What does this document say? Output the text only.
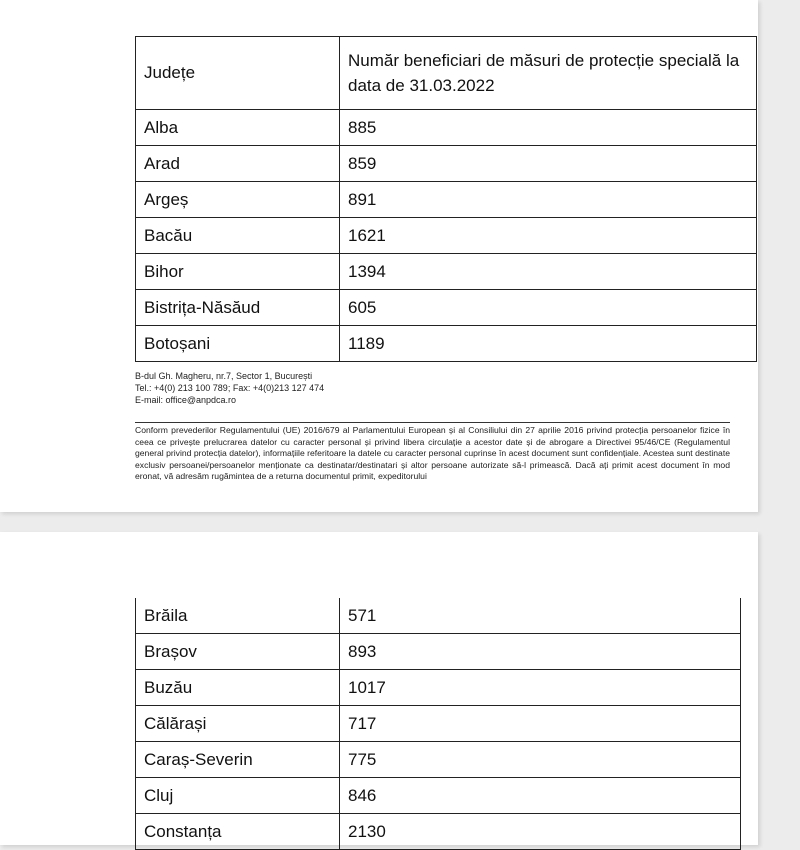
Județe	Număr beneficiari de măsuri de protecție specială la data de 31.03.2022
Alba	885
Arad	859
Argeș	891
Bacău	1621
Bihor	1394
Bistrița-Năsăud	605
Botoșani	1189
B-dul Gh. Magheru, nr.7, Sector 1, București
Tel.: +4(0) 213 100 789; Fax: +4(0)213 127 474
E-mail: office@anpdca.ro
Conform prevederilor Regulamentului (UE) 2016/679 al Parlamentului European și al Consiliului din 27 aprilie 2016 privind protecția persoanelor fizice în ceea ce privește prelucrarea datelor cu caracter personal și privind libera circulație a acestor date și de abrogare a Directivei 95/46/CE (Regulamentul general privind protecția datelor), informațiile referitoare la datele cu caracter personal cuprinse în acest document sunt confidențiale. Acestea sunt destinate exclusiv persoanei/persoanelor menționate ca destinatar/destinatari și altor persoane autorizate să-l primească. Dacă ați primit acest document în mod eronat, vă adresăm rugămintea de a returna documentul primit, expeditorului
Brăila	571
Brașov	893
Buzău	1017
Călărași	717
Caraș-Severin	775
Cluj	846
Constanța	2130
